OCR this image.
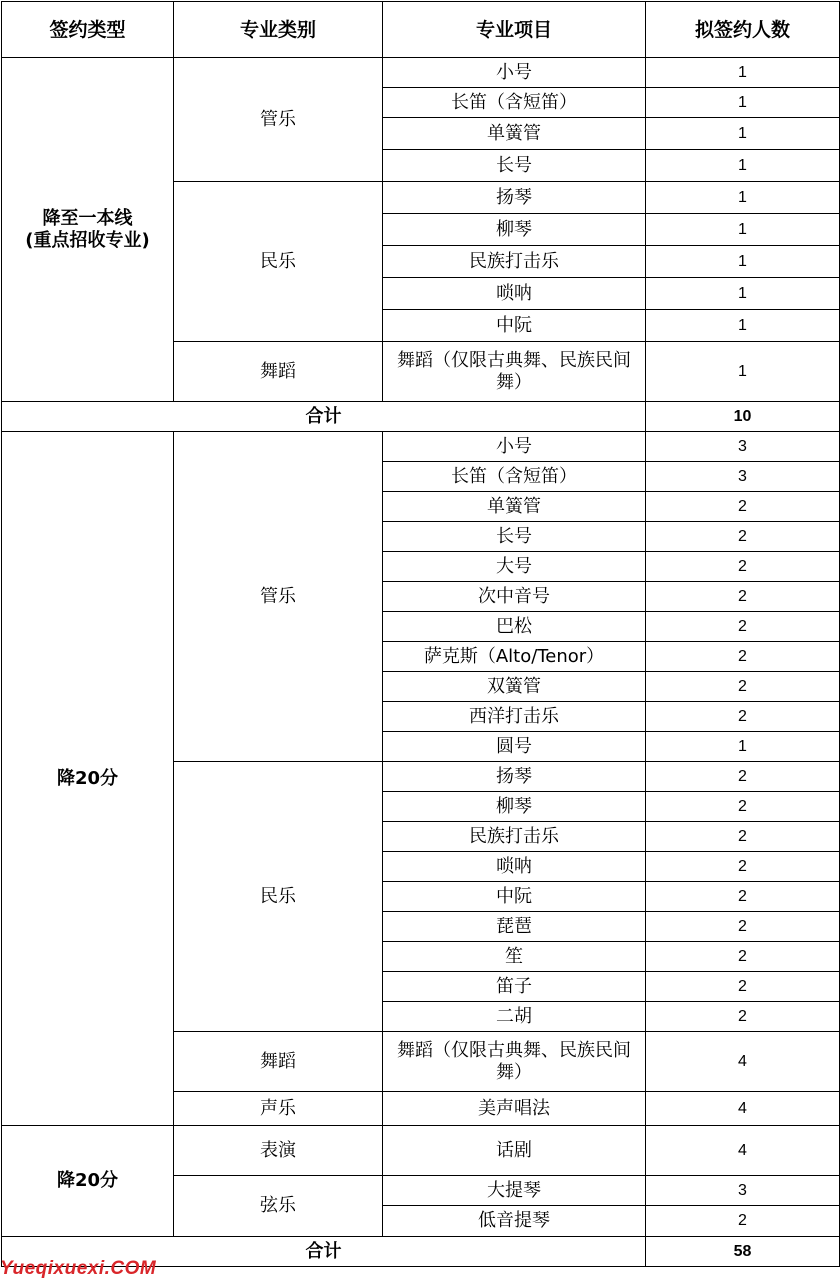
签约类型	专业类别	专业项目	拟签约人数
降至一本线
(重点招收专业)	管乐	小号	1
		长笛（含短笛）	1
		单簧管	1
		长号	1
	民乐	扬琴	1
		柳琴	1
		民族打击乐	1
		唢呐	1
		中阮	1
	舞蹈	舞蹈（仅限古典舞、民族民间舞）	1
合计			10
降20分	管乐	小号	3
		长笛（含短笛）	3
		单簧管	2
		长号	2
		大号	2
		次中音号	2
		巴松	2
		萨克斯（Alto/Tenor）	2
		双簧管	2
		西洋打击乐	2
		圆号	1
	民乐	扬琴	2
		柳琴	2
		民族打击乐	2
		唢呐	2
		中阮	2
		琵琶	2
		笙	2
		笛子	2
		二胡	2
	舞蹈	舞蹈（仅限古典舞、民族民间舞）	4
	声乐	美声唱法	4
降20分	表演	话剧	4
	弦乐	大提琴	3
		低音提琴	2
合计			58
Yueqixuexi.COM
